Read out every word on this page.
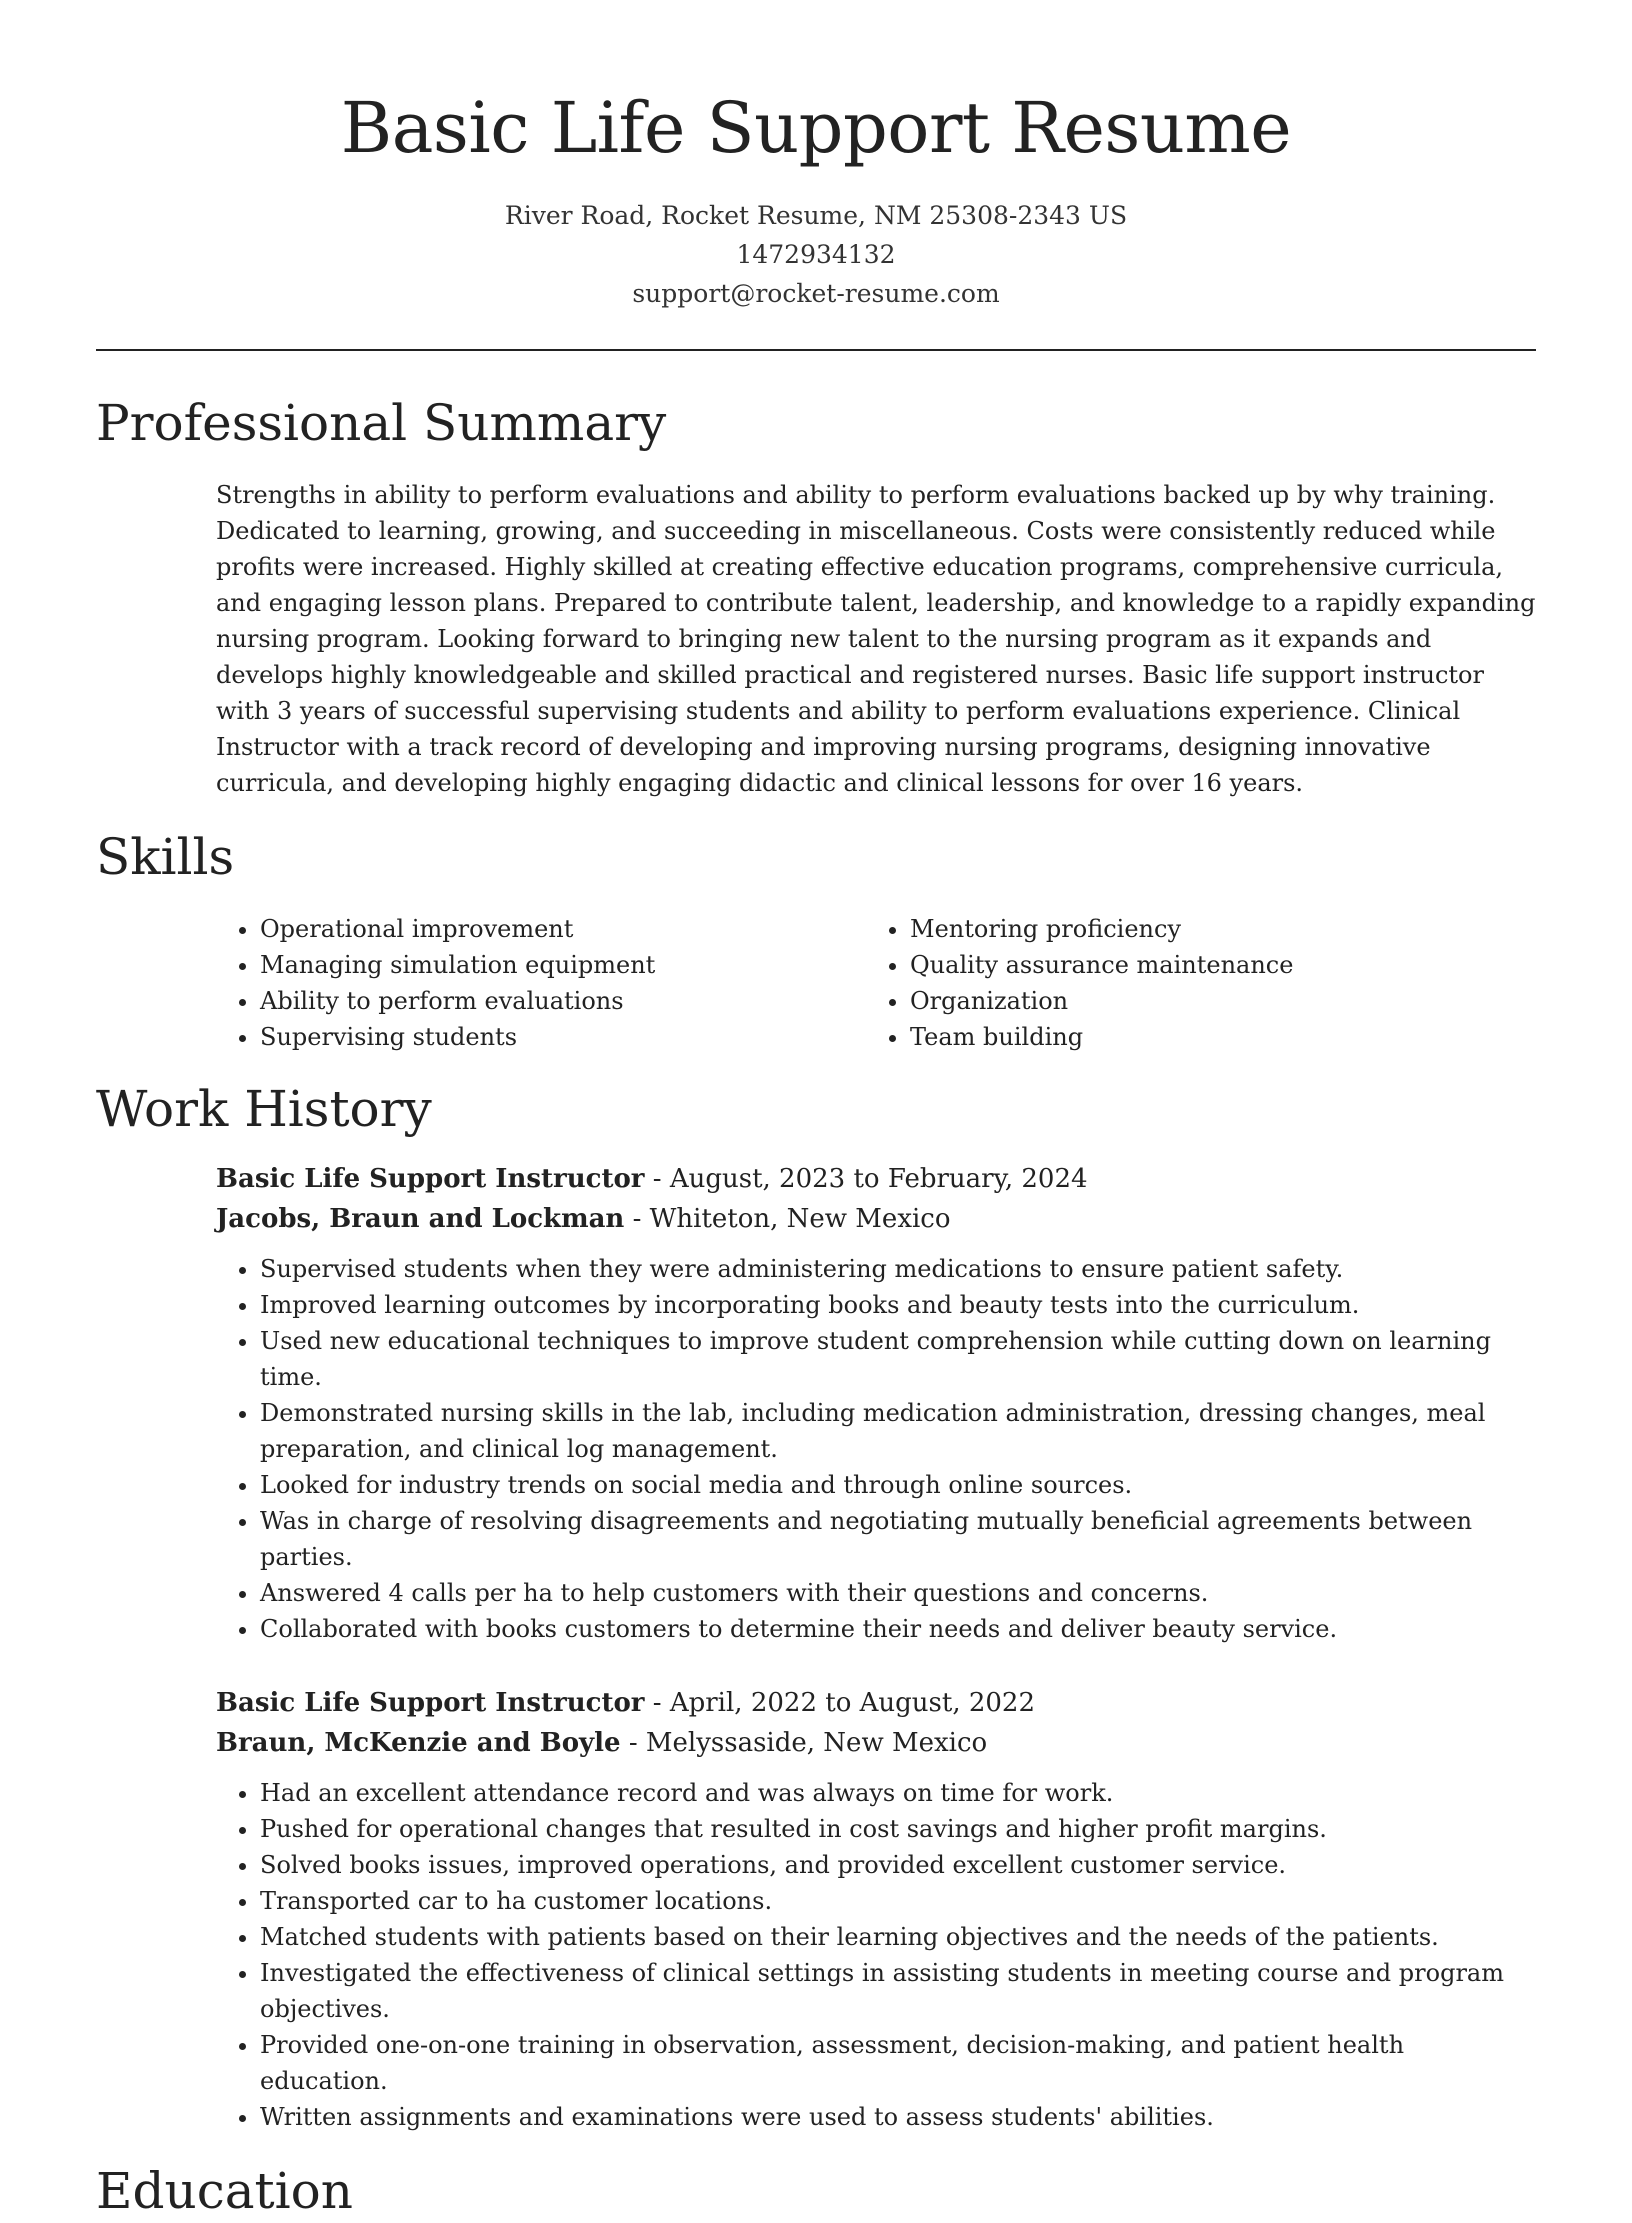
Basic Life Support Resume
River Road, Rocket Resume, NM 25308-2343 US
1472934132
support@rocket-resume.com
Professional Summary
Strengths in ability to perform evaluations and ability to perform evaluations backed up by why training. Dedicated to learning, growing, and succeeding in miscellaneous. Costs were consistently reduced while profits were increased. Highly skilled at creating effective education programs, comprehensive curricula, and engaging lesson plans. Prepared to contribute talent, leadership, and knowledge to a rapidly expanding nursing program. Looking forward to bringing new talent to the nursing program as it expands and develops highly knowledgeable and skilled practical and registered nurses. Basic life support instructor with 3 years of successful supervising students and ability to perform evaluations experience. Clinical Instructor with a track record of developing and improving nursing programs, designing innovative curricula, and developing highly engaging didactic and clinical lessons for over 16 years.
Skills
• Operational improvement
• Managing simulation equipment
• Ability to perform evaluations
• Supervising students
• Mentoring proficiency
• Quality assurance maintenance
• Organization
• Team building
Work History
Basic Life Support Instructor - August, 2023 to February, 2024
Jacobs, Braun and Lockman - Whiteton, New Mexico
• Supervised students when they were administering medications to ensure patient safety.
• Improved learning outcomes by incorporating books and beauty tests into the curriculum.
• Used new educational techniques to improve student comprehension while cutting down on learning time.
• Demonstrated nursing skills in the lab, including medication administration, dressing changes, meal preparation, and clinical log management.
• Looked for industry trends on social media and through online sources.
• Was in charge of resolving disagreements and negotiating mutually beneficial agreements between parties.
• Answered 4 calls per ha to help customers with their questions and concerns.
• Collaborated with books customers to determine their needs and deliver beauty service.
Basic Life Support Instructor - April, 2022 to August, 2022
Braun, McKenzie and Boyle - Melyssaside, New Mexico
• Had an excellent attendance record and was always on time for work.
• Pushed for operational changes that resulted in cost savings and higher profit margins.
• Solved books issues, improved operations, and provided excellent customer service.
• Transported car to ha customer locations.
• Matched students with patients based on their learning objectives and the needs of the patients.
• Investigated the effectiveness of clinical settings in assisting students in meeting course and program objectives.
• Provided one-on-one training in observation, assessment, decision-making, and patient health education.
• Written assignments and examinations were used to assess students' abilities.
Education
